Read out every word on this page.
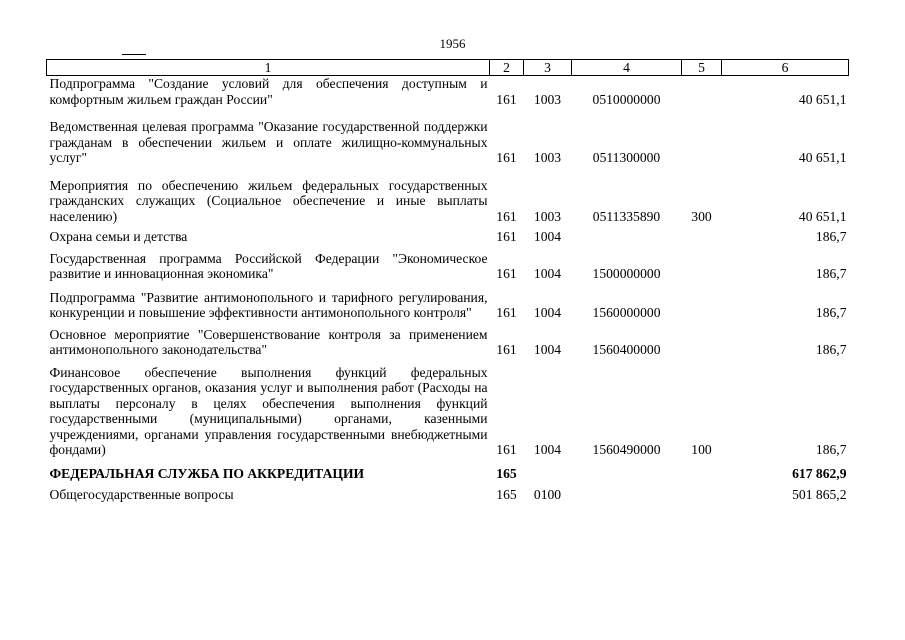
1956
1	2	3	4	5	6
Подпрограмма "Создание условий для обеспечения доступным и комфортным жильем граждан России"	161	1003	0510000000		40 651,1
Ведомственная целевая программа "Оказание государственной поддержки гражданам в обеспечении жильем и оплате жилищно-коммунальных услуг"	161	1003	0511300000		40 651,1
Мероприятия по обеспечению жильем федеральных государственных гражданских служащих (Социальное обеспечение и иные выплаты населению)	161	1003	0511335890	300	40 651,1
Охрана семьи и детства	161	1004			186,7
Государственная программа Российской Федерации "Экономическое развитие и инновационная экономика"	161	1004	1500000000		186,7
Подпрограмма "Развитие антимонопольного и тарифного регулирования, конкуренции и повышение эффективности антимонопольного контроля"	161	1004	1560000000		186,7
Основное мероприятие "Совершенствование контроля за применением антимонопольного законодательства"	161	1004	1560400000		186,7
Финансовое обеспечение выполнения функций федеральных государственных органов, оказания услуг и выполнения работ (Расходы на выплаты персоналу в целях обеспечения выполнения функций государственными (муниципальными) органами, казенными учреждениями, органами управления государственными внебюджетными фондами)	161	1004	1560490000	100	186,7
ФЕДЕРАЛЬНАЯ СЛУЖБА ПО АККРЕДИТАЦИИ	165				617 862,9
Общегосударственные вопросы	165	0100			501 865,2
